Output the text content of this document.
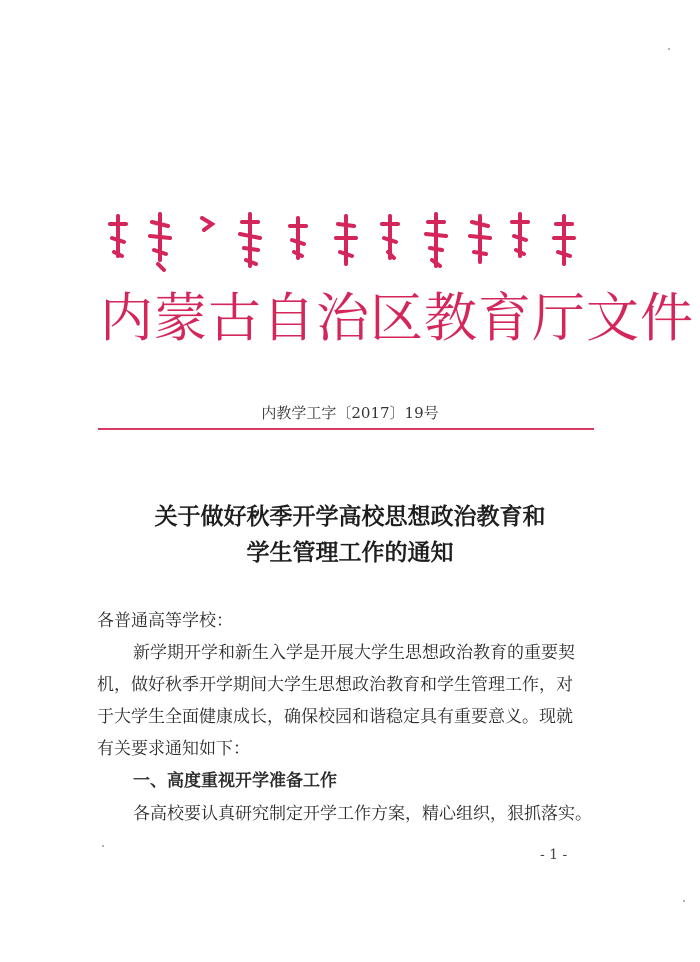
内蒙古自治区教育厅文件
内教学工字〔2017〕19号
关于做好秋季开学高校思想政治教育和
学生管理工作的通知
各普通高等学校：
新学期开学和新生入学是开展大学生思想政治教育的重要契
机，做好秋季开学期间大学生思想政治教育和学生管理工作，对
于大学生全面健康成长，确保校园和谐稳定具有重要意义。现就
有关要求通知如下：
一、高度重视开学准备工作
各高校要认真研究制定开学工作方案，精心组织，狠抓落实。
- 1 -
